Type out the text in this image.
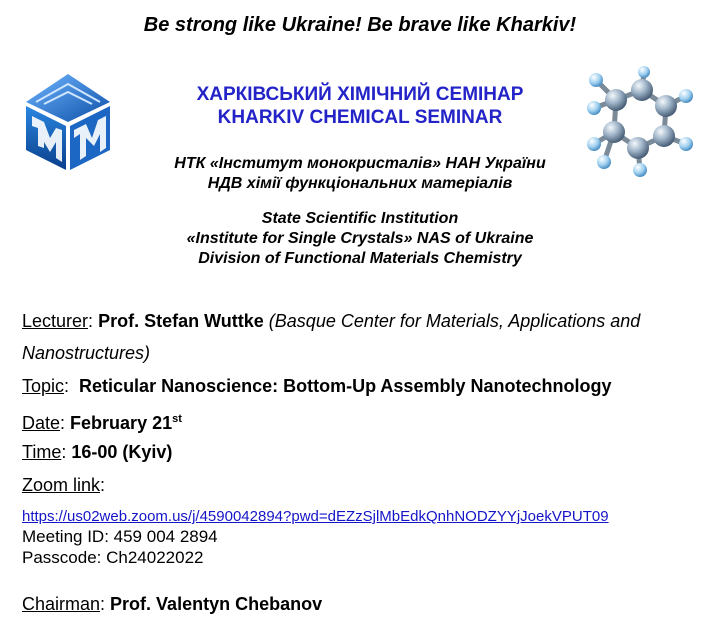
Be strong like Ukraine! Be brave like Kharkiv!
ХАРКІВСЬКИЙ ХІМІЧНИЙ СЕМІНАР
KHARKIV CHEMICAL SEMINAR
НТК «Інститут монокристалів» НАН України
НДВ хімії функціональних матеріалів
State Scientific Institution
«Institute for Single Crystals» NAS of Ukraine
Division of Functional Materials Chemistry
Lecturer: Prof. Stefan Wuttke (Basque Center for Materials, Applications and
Nanostructures)
Topic:  Reticular Nanoscience: Bottom-Up Assembly Nanotechnology
Date: February 21st
Time: 16-00 (Kyiv)
Zoom link:
https://us02web.zoom.us/j/4590042894?pwd=dEZzSjlMbEdkQnhNODZYYjJoekVPUT09
Meeting ID: 459 004 2894
Passcode: Ch24022022
Chairman: Prof. Valentyn Chebanov
